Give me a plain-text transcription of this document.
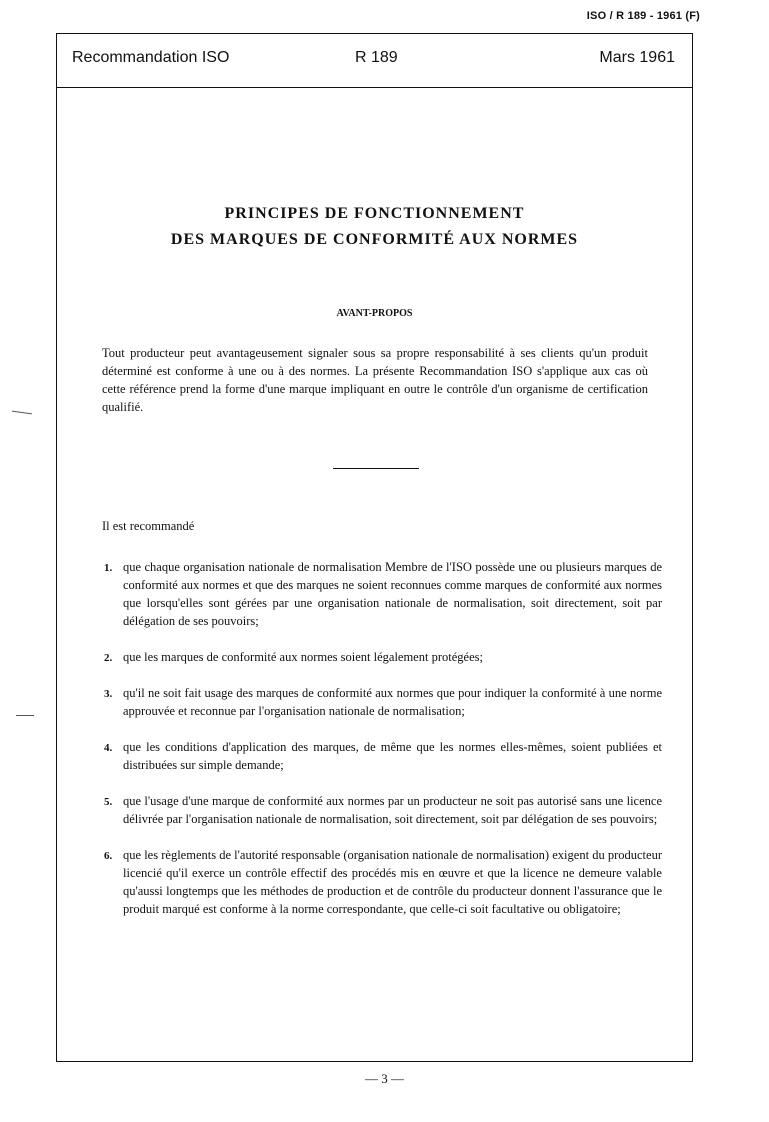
ISO / R 189 - 1961 (F)
Recommandation ISO	R 189	Mars 1961
PRINCIPES DE FONCTIONNEMENT
DES MARQUES DE CONFORMITÉ AUX NORMES
AVANT-PROPOS
Tout producteur peut avantageusement signaler sous sa propre responsabilité à ses clients qu'un produit déterminé est conforme à une ou à des normes. La présente Recommandation ISO s'applique aux cas où cette référence prend la forme d'une marque impliquant en outre le contrôle d'un organisme de certification qualifié.
Il est recommandé
1. que chaque organisation nationale de normalisation Membre de l'ISO possède une ou plusieurs marques de conformité aux normes et que des marques ne soient reconnues comme marques de conformité aux normes que lorsqu'elles sont gérées par une organisation nationale de normalisation, soit directement, soit par délégation de ses pouvoirs;
2. que les marques de conformité aux normes soient légalement protégées;
3. qu'il ne soit fait usage des marques de conformité aux normes que pour indiquer la conformité à une norme approuvée et reconnue par l'organisation nationale de normalisation;
4. que les conditions d'application des marques, de même que les normes elles-mêmes, soient publiées et distribuées sur simple demande;
5. que l'usage d'une marque de conformité aux normes par un producteur ne soit pas autorisé sans une licence délivrée par l'organisation nationale de normalisation, soit directement, soit par délégation de ses pouvoirs;
6. que les règlements de l'autorité responsable (organisation nationale de normalisation) exigent du producteur licencié qu'il exerce un contrôle effectif des procédés mis en œuvre et que la licence ne demeure valable qu'aussi longtemps que les méthodes de production et de contrôle du producteur donnent l'assurance que le produit marqué est conforme à la norme correspondante, que celle-ci soit facultative ou obligatoire;
— 3 —
